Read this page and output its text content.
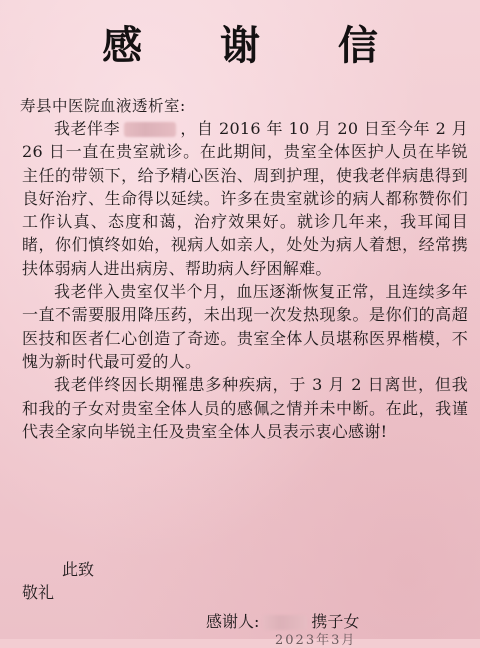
感 谢 信
寿县中医院血液透析室:

我老伴李	，自 2016 年 10 月 20 日至今年 2 月 26 日一直在贵室就诊。在此期间，贵室全体医护人员在毕锐主任的带领下，给予精心医治、周到护理，使我老伴病患得到良好治疗、生命得以延续。许多在贵室就诊的病人都称赞你们工作认真、态度和蔼，治疗效果好。就诊几年来，我耳闻目睹，你们慎终如始，视病人如亲人，处处为病人着想，经常携扶体弱病人进出病房、帮助病人纾困解难。

我老伴入贵室仅半个月，血压逐渐恢复正常，且连续多年一直不需要服用降压药，未出现一次发热现象。是你们的高超医技和医者仁心创造了奇迹。贵室全体人员堪称医界楷模，不愧为新时代最可爱的人。

我老伴终因长期罹患多种疾病，于 3 月 2 日离世，但我和我的子女对贵室全体人员的感佩之情并未中断。在此，我谨代表全家向毕锐主任及贵室全体人员表示衷心感谢!

此致
敬礼
感谢人:	携子女
2023年3月
